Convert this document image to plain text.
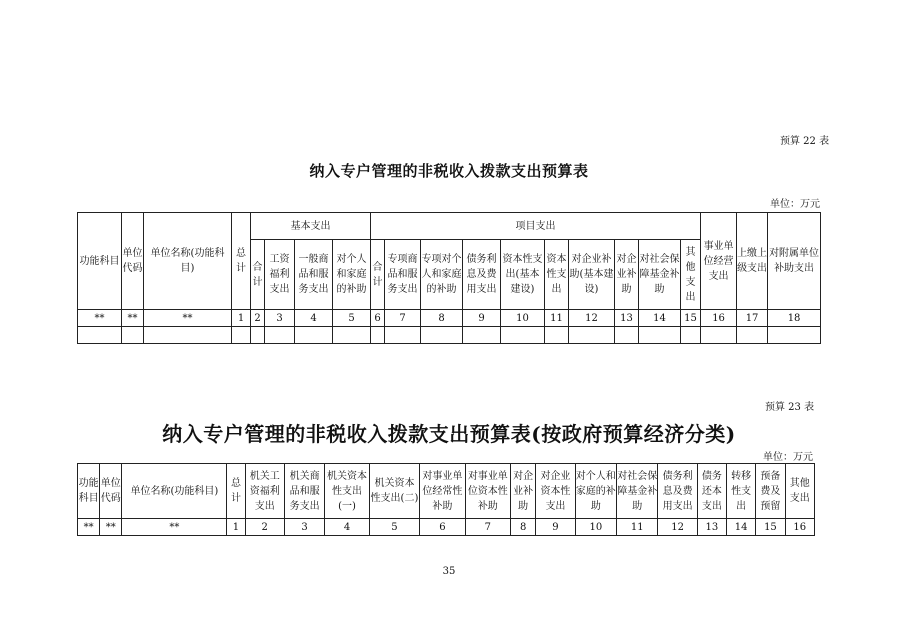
预算 22 表
纳入专户管理的非税收入拨款支出预算表
单位：万元
功能科目	单位代码	单位名称(功能科目)	总计	基本支出				项目支出										事业单位经营支出	上缴上级支出	对附属单位补助支出
				合计	工资福利支出	一般商品和服务支出	对个人和家庭的补助	合计	专项商品和服务支出	专项对个人和家庭的补助	债务利息及费用支出	资本性支出(基本建设)	资本性支出	对企业补助(基本建设)	对企业补助	对社会保障基金补助	其他支出			
**	**	**	1	2	3	4	5	6	7	8	9	10	11	12	13	14	15	16	17	18

预算 23 表
纳入专户管理的非税收入拨款支出预算表(按政府预算经济分类)
单位：万元
功能科目	单位代码	单位名称(功能科目)	总计	机关工资福利支出	机关商品和服务支出	机关资本性支出(一)	机关资本性支出(二)	对事业单位经常性补助	对事业单位资本性补助	对企业补助	对企业资本性支出	对个人和家庭的补助	对社会保障基金补助	债务利息及费用支出	债务还本支出	转移性支出	预备费及预留	其他支出
**	**	**	1	2	3	4	5	6	7	8	9	10	11	12	13	14	15	16
35
